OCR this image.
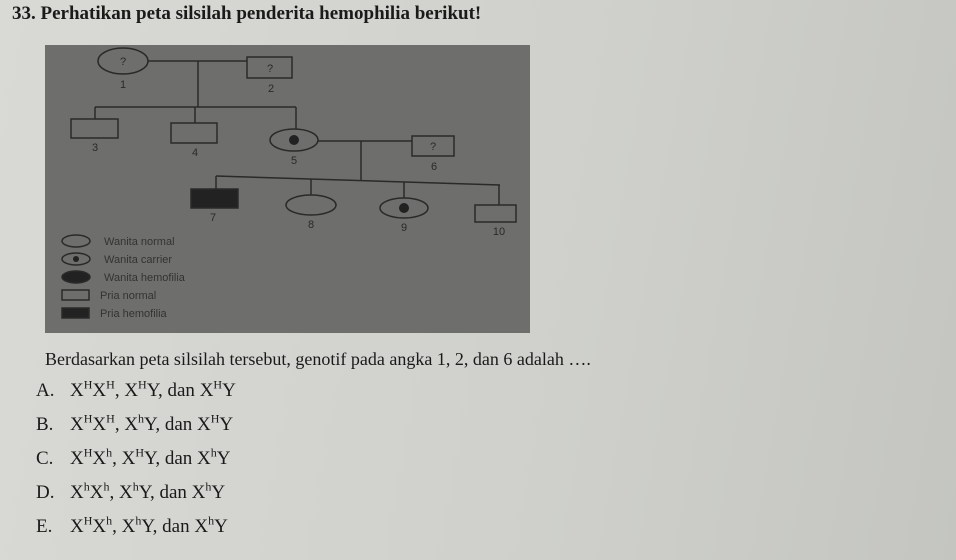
33. Perhatikan peta silsilah penderita hemophilia berikut!
?
?
?
1	2
3	4
5	6
7
8	9	10
Wanita normal
Wanita carrier
Wanita hemofilia
Pria normal
Pria hemofilia
Berdasarkan peta silsilah tersebut, genotif pada angka 1, 2, dan 6 adalah ….
A. $X^HX^H$, $X^HY$, dan $X^HY$
B. $X^HX^H$, $X^hY$, dan $X^HY$
C. $X^HX^h$, $X^HY$, dan $X^hY$
D. $X^hX^h$, $X^hY$, dan $X^hY$
E. $X^HX^h$, $X^hY$, dan $X^hY$
